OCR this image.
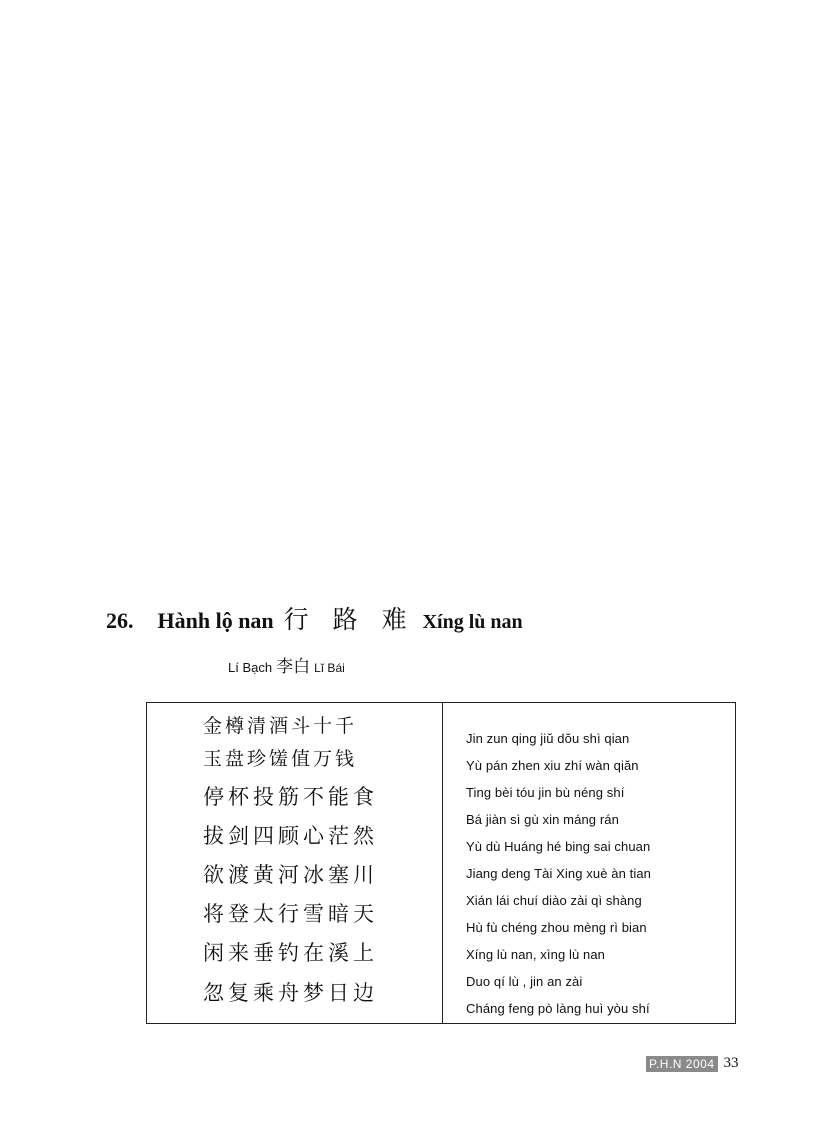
26. Hành lộ nan 行 路 难 Xíng lù nan
Lí Bạch 李白 Lĭ Bái
金樽清酒斗十千
玉盘珍馐值万钱
停杯投筋不能食
拔剑四顾心茫然
欲渡黄河冰塞川
将登太行雪暗天
闲来垂钓在溪上
忽复乘舟梦日边
Jin zun qing jiŭ dŏu shì qian
Yù pán zhen xiu zhí wàn qiăn
Ting bèi tóu jin bù néng shí
Bá jiàn sì gù xin máng rán
Yù dù Huáng hé bing sai chuan
Jiang deng Tài Xing xuè àn tian
Xián lái chuí diào zài qì shàng
Hù fù chéng zhou mèng rì bian
Xíng lù nan, xìng lù nan
Duo qí lù , jin an zài
Cháng feng pò làng huì yòu shí
P.H.N 2004 33
